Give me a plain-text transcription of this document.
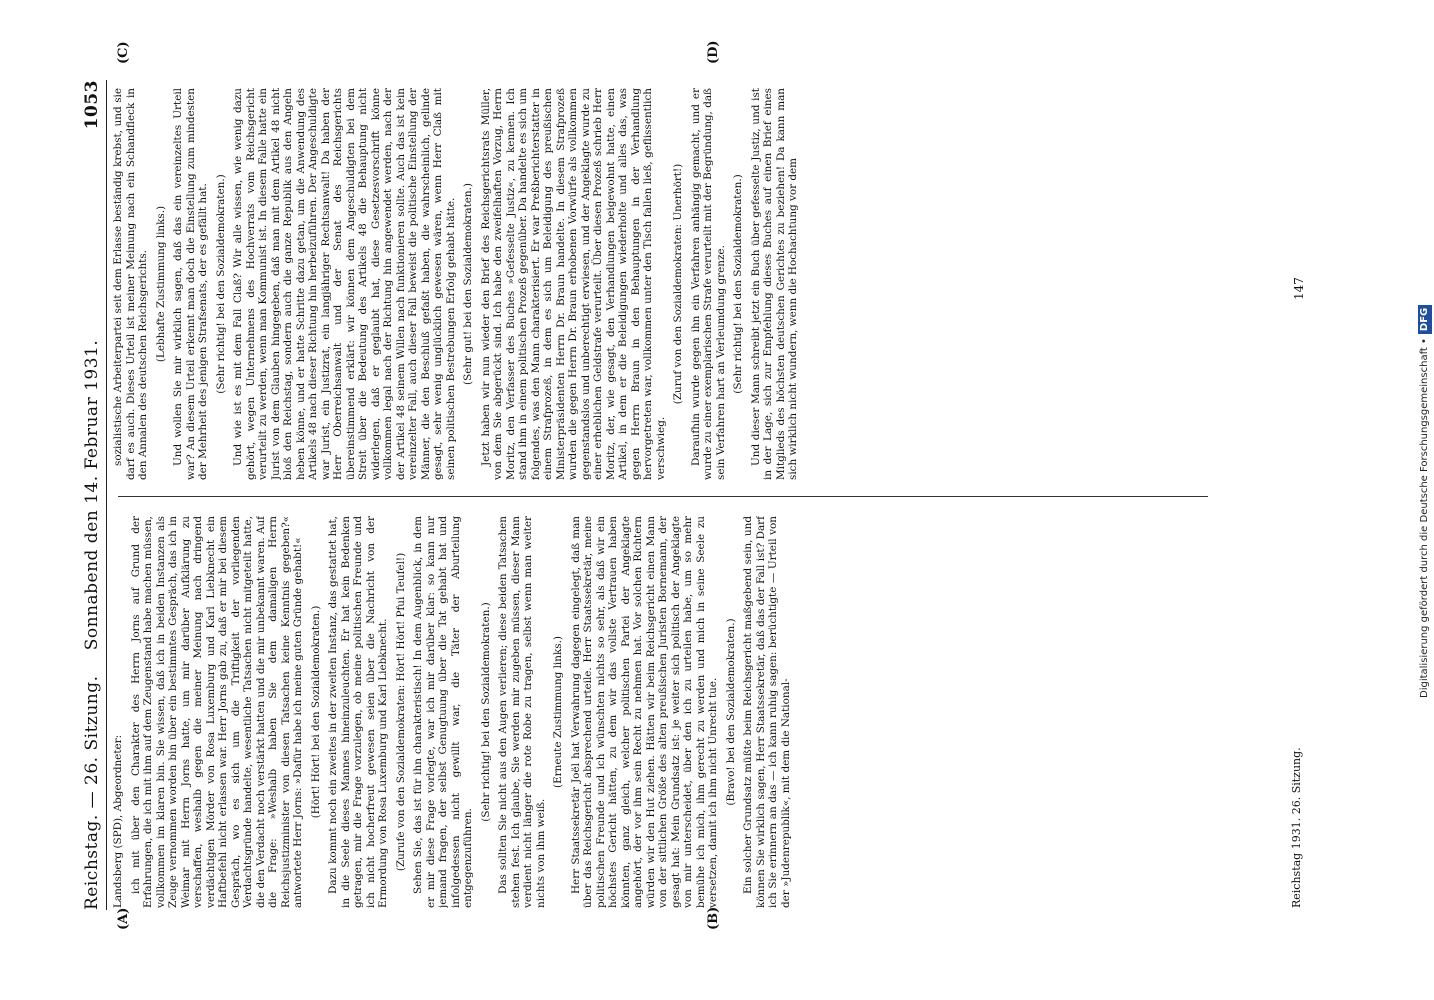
Reichstag. — 26. Sitzung.
Sonnabend den 14. Februar 1931.
1053
(A)	(B)
(C)	(D)

Landsberg (SPD), Abgeordneter: ich mit über den Charakter des Herrn Jorns auf Grund der Erfahrungen, die ich mit ihm auf dem Zeugenstand habe machen müssen, vollkommen im klaren bin. Sie wissen, daß ich in beiden Instanzen als Zeuge vernommen worden bin über ein bestimmtes Gespräch, das ich in Weimar mit Herrn Jorns hatte, um mir darüber Aufklärung zu verschaffen, weshalb gegen die meiner Meinung nach dringend verdächtigen Mörder von Rosa Luxemburg und Karl Liebknecht ein Haftbefehl nicht erlassen war. Herr Jorns gab zu, daß er mir bei diesem Gespräch, wo es sich um die Triftigkeit der vorliegenden Verdachtsgründe handelte, wesentliche Tatsachen nicht mitgeteilt hatte, die den Verdacht noch verstärkt hatten und die mir unbekannt waren. Auf die Frage: »Weshalb haben Sie dem damaligen Herrn Reichsjustizminister von diesen Tatsachen keine Kenntnis gegeben?« antwortete Herr Jorns: »Dafür habe ich meine guten Gründe gehabt!« (Hört! Hört! bei den Sozialdemokraten.) Dazu kommt noch ein zweites in der zweiten Instanz, das gestattet hat, in die Seele dieses Mannes hineinzuleuchten. Er hat kein Bedenken getragen, mir die Frage vorzulegen, ob meine politischen Freunde und ich nicht hocherfreut gewesen seien über die Nachricht von der Ermordung von Rosa Luxemburg und Karl Liebknecht. (Zurufe von den Sozialdemokraten: Hört! Hört! Pfui Teufel!) Sehen Sie, das ist für ihn charakteristisch! In dem Augenblick, in dem er mir diese Frage vorlegte, war ich mir darüber klar: so kann nur jemand fragen, der selbst Genugtuung über die Tat gehabt hat und infolgedessen nicht gewillt war, die Täter der Aburteilung entgegenzuführen.

(Sehr richtig! bei den Sozialdemokraten.) Das sollten Sie nicht aus den Augen verlieren; diese beiden Tatsachen stehen fest. Ich glaube, Sie werden mir zugeben müssen, dieser Mann verdient nicht länger die rote Robe zu tragen, selbst wenn man weiter nichts von ihm weiß.

(Erneute Zustimmung links.) Herr Staatssekretär Joël hat Verwahrung dagegen eingelegt, daß man über das Reichsgericht absprechend urteile. Herr Staatssekretär, meine politischen Freunde und ich wünschten nichts so sehr, als daß wir ein höchstes Gericht hätten, zu dem wir das vollste Vertrauen haben könnten, ganz gleich, welcher politischen Partei der Angeklagte angehört, der vor ihm sein Recht zu nehmen hat. Vor solchen Richtern würden wir den Hut ziehen. Hätten wir beim Reichsgericht einen Mann von der sittlichen Größe des alten preußischen Juristen Bornemann, der gesagt hat: Mein Grundsatz ist: je weiter sich politisch der Angeklagte von mir unterscheidet, über den ich zu urteilen habe, um so mehr bemühe ich mich, ihm gerecht zu werden und mich in seine Seele zu versetzen, damit ich ihm nicht Unrecht tue. (Bravo! bei den Sozialdemokraten.) Ein solcher Grundsatz müßte beim Reichsgericht maßgebend sein, und können Sie wirklich sagen, Herr Staatssekretär, daß das der Fall ist? Darf ich Sie erinnern an das — ich kann ruhig sagen: berüchtigte — Urteil von der »Judenrepublik«, mit dem die National-

sozialistische Arbeiterpartei seit dem Erlasse beständig krebst, und sie darf es auch. Dieses Urteil ist meiner Meinung nach ein Schandfleck in den Annalen des deutschen Reichsgerichts. (Lebhafte Zustimmung links.) Und wollen Sie mir wirklich sagen, daß das ein vereinzeltes Urteil war? An diesem Urteil erkennt man doch die Einstellung zum mindesten der Mehrheit des jenigen Strafsenats, der es gefällt hat. (Sehr richtig! bei den Sozialdemokraten.) Und wie ist es mit dem Fall Claß? Wir alle wissen, wie wenig dazu gehört, wegen Unternehmens des Hochverrats vom Reichsgericht verurteilt zu werden, wenn man Kommunist ist. In diesem Falle hatte ein Jurist von dem Glauben hingegeben, daß man mit dem Artikel 48 nicht bloß den Reichstag, sondern auch die ganze Republik aus den Angeln heben könne, und er hatte Schritte dazu getan, um die Anwendung des Artikels 48 nach dieser Richtung hin herbeizuführen. Der Angeschuldigte war Jurist, ein Justizrat, ein langjähriger Rechtsanwalt! Da haben der Herr Oberreichsanwalt und der Senat des Reichsgerichts übereinstimmend erklärt: wir können dem Angeschuldigten bei dem Streit über die Bedeutung des Artikels 48 die Behauptung nicht widerlegen, daß er geglaubt hat, diese Gesetzesvorschrift könne vollkommen legal nach der Richtung hin angewendet werden, nach der der Artikel 48 seinem Willen nach funktionieren sollte. Auch das ist kein vereinzelter Fall, auch dieser Fall beweist die politische Einstellung der Männer, die den Beschluß gefaßt haben, die wahrscheinlich, gelinde gesagt, sehr wenig unglücklich gewesen wären, wenn Herr Claß mit seinen politischen Bestrebungen Erfolg gehabt hätte. (Sehr gut! bei den Sozialdemokraten.) Jetzt haben wir nun wieder den Brief des Reichsgerichtsrats Müller, von dem Sie abgerückt sind. Ich habe den zweifelhaften Vorzug, Herrn Moritz, den Verfasser des Buches »Gefesselte Justiz«, zu kennen. Ich stand ihm in einem politischen Prozeß gegenüber. Da handelte es sich um folgendes, was den Mann charakterisiert. Er war Preßberichterstatter in einem Strafprozeß, in dem es sich um Beleidigung des preußischen Ministerpräsidenten Herrn Dr. Braun handelte. In diesem Strafprozeß wurden die gegen Herrn Dr. Braun erhobenen Vorwürfe als vollkommen gegenstandslos und unberechtigt erwiesen, und der Angeklagte wurde zu einer erheblichen Geldstrafe verurteilt. Über diesen Prozeß schrieb Herr Moritz, der, wie gesagt, den Verhandlungen beigewohnt hatte, einen Artikel, in dem er die Beleidigungen wiederholte und alles das, was gegen Herrn Braun in den Behauptungen in der Verhandlung hervorgetreten war, vollkommen unter den Tisch fallen ließ, geflissentlich verschwieg.

(Zuruf von den Sozialdemokraten: Unerhört!) Daraufhin wurde gegen ihn ein Verfahren anhängig gemacht, und er wurde zu einer exemplarischen Strafe verurteilt mit der Begründung, daß sein Verfahren hart an Verleumdung grenze. (Sehr richtig! bei den Sozialdemokraten.) Und dieser Mann schreibt jetzt ein Buch über gefesselte Justiz, und ist in der Lage, sich zur Empfehlung dieses Buches auf einen Brief eines Mitglieds des höchsten deutschen Gerichtes zu beziehen! Da kann man sich wirklich nicht wundern, wenn die Hochachtung vor dem

Reichstag 1931. 26. Sitzung.
147
Digitalisierung gefördert durch die Deutsche Forschungsgemeinschaft •DFG
